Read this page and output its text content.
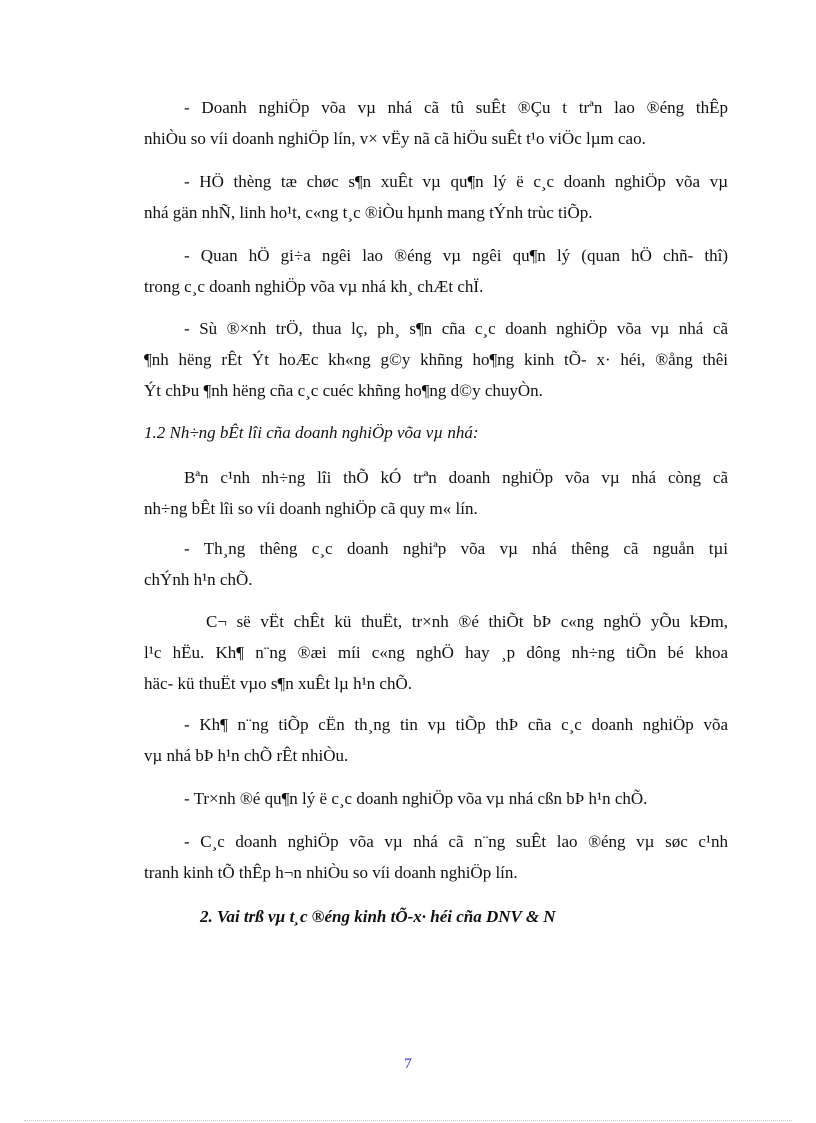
- Doanh nghiÖp võa vµ nhá cã tû suÊt ®Çu t trªn lao ®éng thÊp
nhiÒu so víi doanh nghiÖp lín, v× vËy nã cã hiÖu suÊt t¹o viÖc lµm cao.
- HÖ thèng tæ chøc s¶n xuÊt vµ qu¶n lý ë c¸c doanh nghiÖp võa vµ
nhá gän nhÑ, linh ho¹t, c«ng t¸c ®iÒu hµnh mang tÝnh trùc tiÕp.
- Quan hÖ gi÷a ngêi lao ®éng vµ ngêi qu¶n lý (quan hÖ chñ- thî)
trong c¸c doanh nghiÖp võa vµ nhá kh¸ chÆt chÏ.
- Sù ®×nh trÖ, thua lç, ph¸ s¶n cña c¸c doanh nghiÖp võa vµ nhá cã
¶nh hëng rÊt Ýt hoÆc kh«ng g©y khñng ho¶ng kinh tÕ- x· héi, ®ång thêi
Ýt chÞu ¶nh hëng cña c¸c cuéc khñng ho¶ng d©y chuyÒn.
1.2 Nh÷ng bÊt lîi cña doanh nghiÖp võa vµ nhá:
Bªn c¹nh nh÷ng lîi thÕ kÓ trªn doanh nghiÖp võa vµ nhá còng cã
nh÷ng bÊt lîi so víi doanh nghiÖp cã quy m« lín.
- Th¸ng thêng c¸c doanh nghiªp võa vµ nhá thêng cã nguån tµi
chÝnh h¹n chÕ.
C¬ së vËt chÊt kü thuËt, tr×nh ®é thiÕt bÞ c«ng nghÖ yÕu kÐm,
l¹c hËu. Kh¶ n¨ng ®æi míi c«ng nghÖ hay ¸p dông nh÷ng tiÕn bé khoa
häc- kü thuËt vµo s¶n xuÊt lµ h¹n chÕ.
- Kh¶ n¨ng tiÕp cËn th¸ng tin vµ tiÕp thÞ cña c¸c doanh nghiÖp võa
vµ nhá bÞ h¹n chÕ rÊt nhiÒu.
- Tr×nh ®é qu¶n lý ë c¸c doanh nghiÖp võa vµ nhá cßn bÞ h¹n chÕ.
- C¸c doanh nghiÖp võa vµ nhá cã n¨ng suÊt lao ®éng vµ søc c¹nh
tranh kinh tÕ thÊp h¬n nhiÒu so víi doanh nghiÖp lín.
2. Vai trß vµ t¸c ®éng kinh tÕ-x· héi cña DNV & N
7
